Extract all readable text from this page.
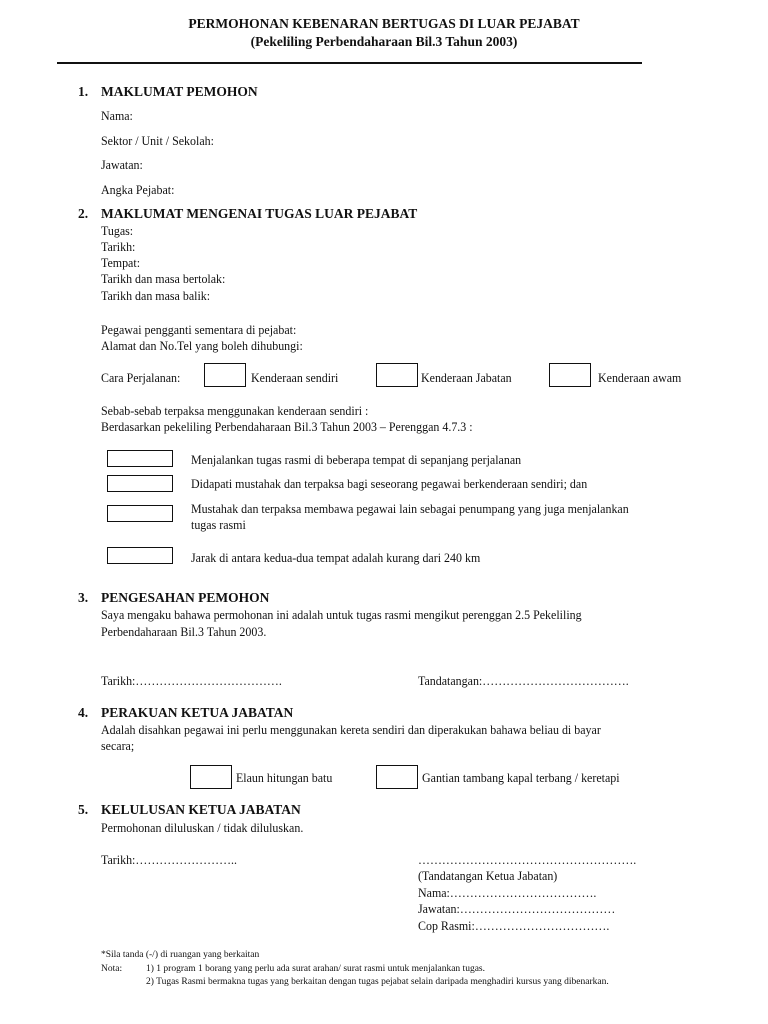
PERMOHONAN KEBENARAN BERTUGAS DI LUAR PEJABAT
(Pekeliling Perbendaharaan Bil.3 Tahun 2003)
1. MAKLUMAT PEMOHON
Nama:
Sektor / Unit / Sekolah:
Jawatan:
Angka Pejabat:
2. MAKLUMAT MENGENAI TUGAS LUAR PEJABAT
Tugas:
Tarikh:
Tempat:
Tarikh dan masa bertolak:
Tarikh dan masa balik:
Pegawai pengganti sementara di pejabat:
Alamat dan No.Tel yang boleh dihubungi:
Cara Perjalanan:	Kenderaan sendiri	Kenderaan Jabatan	Kenderaan awam
Sebab-sebab terpaksa menggunakan kenderaan sendiri :
Berdasarkan pekeliling Perbendaharaan Bil.3 Tahun 2003 – Perenggan 4.7.3 :
Menjalankan tugas rasmi di beberapa tempat di sepanjang perjalanan
Didapati mustahak dan terpaksa bagi seseorang pegawai berkenderaan sendiri; dan
Mustahak dan terpaksa membawa pegawai lain sebagai penumpang yang juga menjalankan
tugas rasmi
Jarak di antara kedua-dua tempat adalah kurang dari 240 km
3. PENGESAHAN PEMOHON
Saya mengaku bahawa permohonan ini adalah untuk tugas rasmi mengikut perenggan 2.5 Pekeliling
Perbendaharaan Bil.3 Tahun 2003.
Tarikh:……………………………….	Tandatangan:……………………………….
4. PERAKUAN KETUA JABATAN
Adalah disahkan pegawai ini perlu menggunakan kereta sendiri dan diperakukan bahawa beliau di bayar
secara;
Elaun hitungan batu	Gantian tambang kapal terbang / keretapi
5. KELULUSAN KETUA JABATAN
Permohonan diluluskan / tidak diluluskan.
Tarikh:……………………..	……………………………………………….
(Tandatangan Ketua Jabatan)
Nama:……………………………….
Jawatan:…………………………………
Cop Rasmi:…………………………….
*Sila tanda (-/) di ruangan yang berkaitan
Nota:	1) 1 program 1 borang yang perlu ada surat arahan/ surat rasmi untuk menjalankan tugas.
2) Tugas Rasmi bermakna tugas yang berkaitan dengan tugas pejabat selain daripada menghadiri kursus yang dibenarkan.
